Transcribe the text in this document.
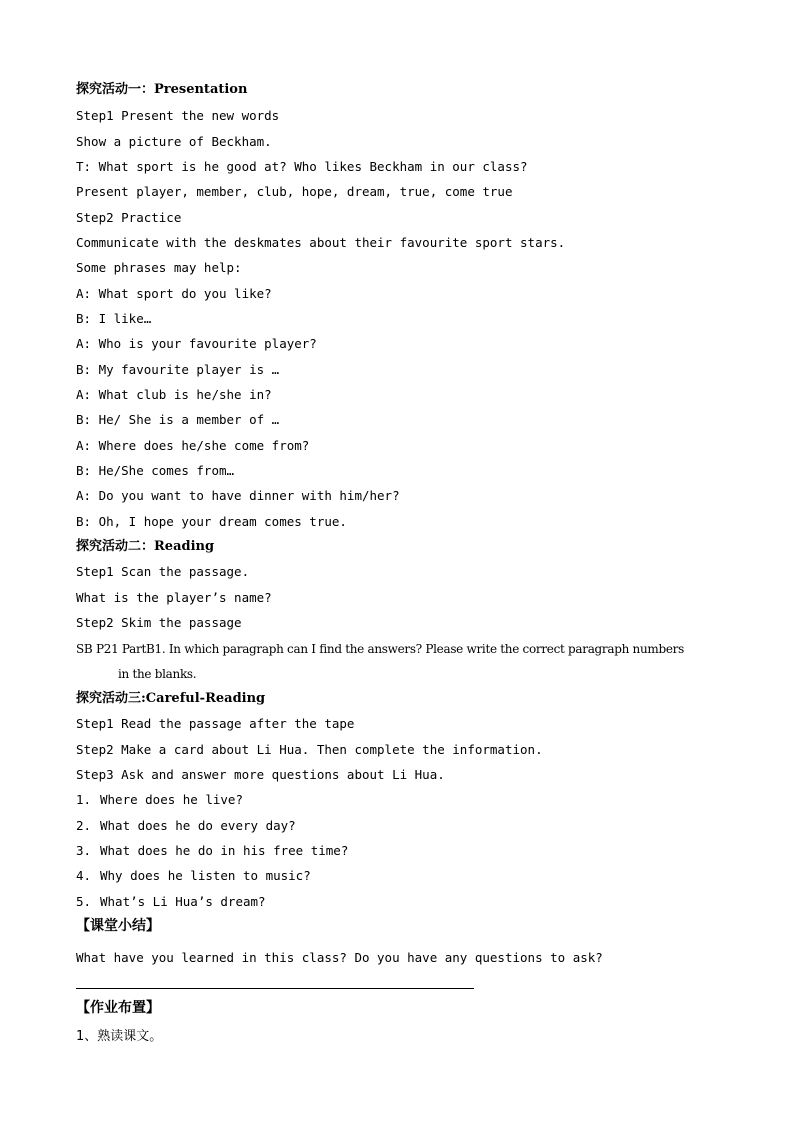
探究活动一：Presentation
Step1 Present the new words
Show a picture of Beckham.
T: What sport is he good at? Who likes Beckham in our class?
Present player, member, club, hope, dream, true, come true
Step2 Practice
Communicate with the deskmates about their favourite sport stars.
Some phrases may help:
A: What sport do you like?
B: I like…
A: Who is your favourite player?
B: My favourite player is …
A: What club is he/she in?
B: He/ She is a member of …
A: Where does he/she come from?
B: He/She comes from…
A: Do you want to have dinner with him/her?
B: Oh, I hope your dream comes true.
探究活动二：Reading
Step1 Scan the passage.
What is the player’s name?
Step2 Skim the passage
SB P21 PartB1. In which paragraph can I find the answers? Please write the correct paragraph numbers
in the blanks.
探究活动三:Careful-Reading
Step1 Read the passage after the tape
Step2 Make a card about Li Hua. Then complete the information.
Step3 Ask and answer more questions about Li Hua.
1. Where does he live?
2. What does he do every day?
3. What does he do in his free time?
4. Why does he listen to music?
5. What’s Li Hua’s dream?
【课堂小结】
What have you learned in this class? Do you have any questions to ask?
【作业布置】
1、熟读课文。
